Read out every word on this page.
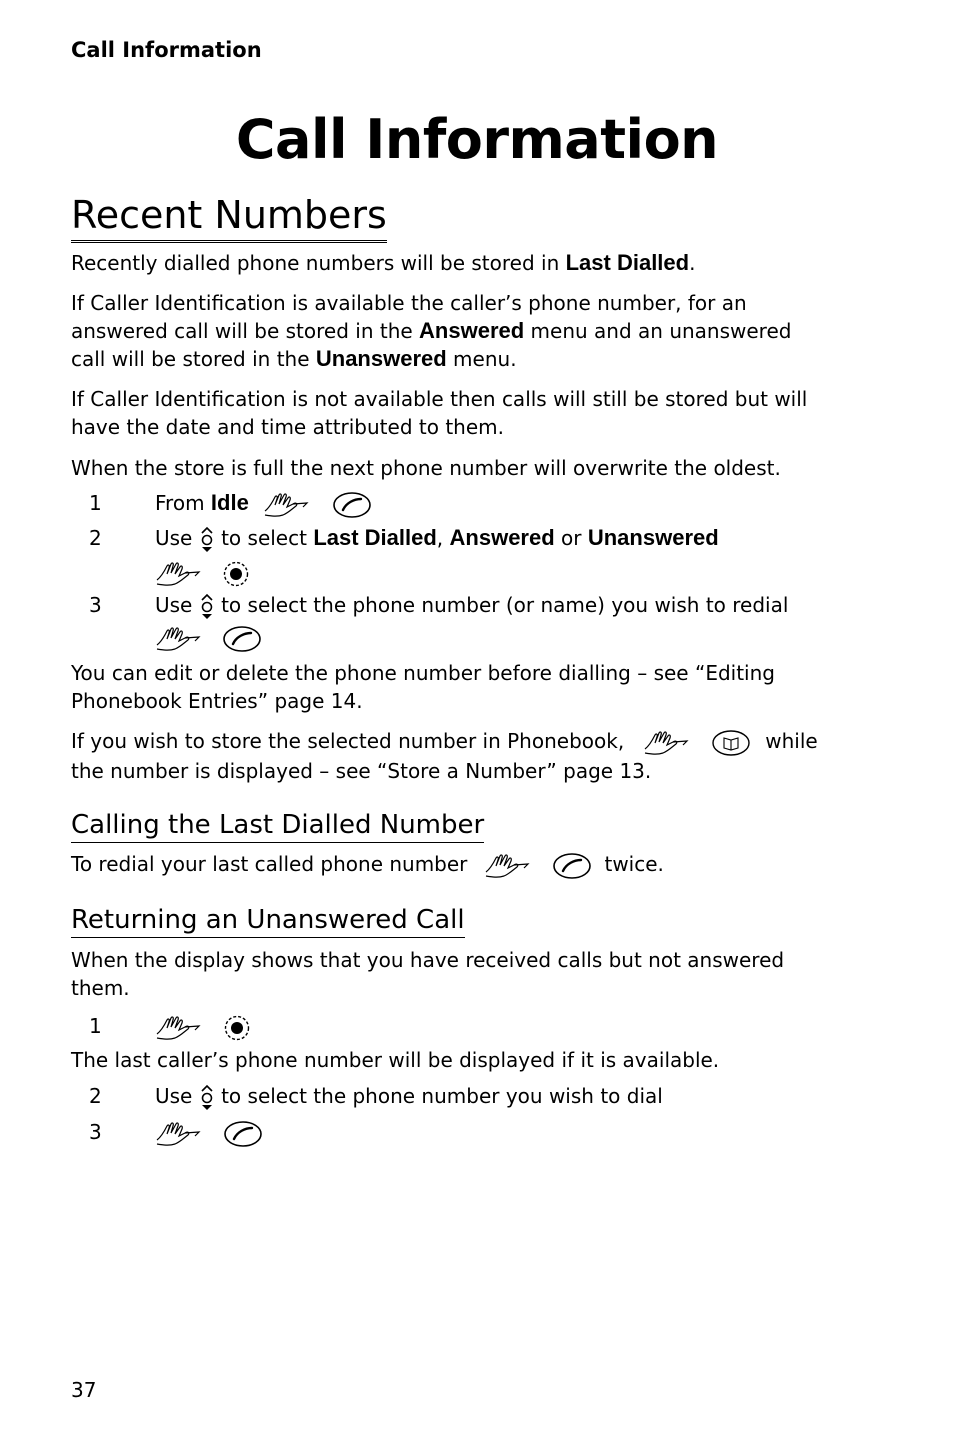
Call Information
Call Information
Recent Numbers
Recently dialled phone numbers will be stored in Last Dialled.
If Caller Identification is available the caller’s phone number, for an
answered call will be stored in the Answered menu and an unanswered
call will be stored in the Unanswered menu.
If Caller Identification is not available then calls will still be stored but will have the date and time attributed to them.
When the store is full the next phone number will overwrite the oldest.
1	From Idle
2	Use  to select Last Dialled, Answered or Unanswered

3	Use  to select the phone number (or name) you wish to redial

You can edit or delete the phone number before dialling – see “Editing Phonebook Entries” page 14.
If you wish to store the selected number in Phonebook,	while
the number is displayed – see “Store a Number” page 13.
Calling the Last Dialled Number
To redial your last called phone number	twice.
Returning an Unanswered Call
When the display shows that you have received calls but not answered them.
1

The last caller’s phone number will be displayed if it is available.
2	Use  to select the phone number you wish to dial
3

37
